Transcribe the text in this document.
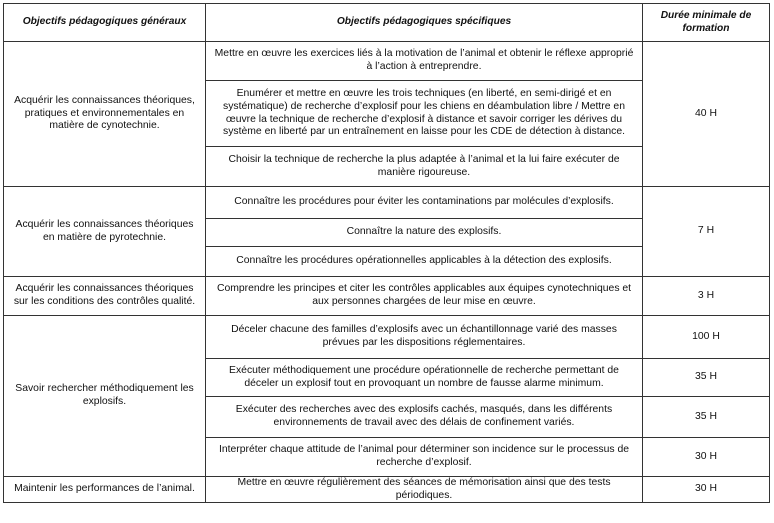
Objectifs pédagogiques généraux	Objectifs pédagogiques spécifiques	Durée minimale de formation
Acquérir les connaissances théoriques, pratiques et environnementales en matière de cynotechnie.	Mettre en œuvre les exercices liés à la motivation de l’animal et obtenir le réflexe approprié à l’action à entreprendre.	40 H
	Enumérer et mettre en œuvre les trois techniques (en liberté, en semi-dirigé et en systématique) de recherche d’explosif pour les chiens en déambulation libre / Mettre en œuvre la technique de recherche d’explosif à distance et savoir corriger les dérives du système en liberté par un entraînement en laisse pour les CDE de détection à distance.	
	Choisir la technique de recherche la plus adaptée à l’animal et la lui faire exécuter de manière rigoureuse.	
Acquérir les connaissances théoriques en matière de pyrotechnie.	Connaître les procédures pour éviter les contaminations par molécules d’explosifs.	7 H
	Connaître la nature des explosifs.	
	Connaître les procédures opérationnelles applicables à la détection des explosifs.	
Acquérir les connaissances théoriques sur les conditions des contrôles qualité.	Comprendre les principes et citer les contrôles applicables aux équipes cynotechniques et aux personnes chargées de leur mise en œuvre.	3 H
Savoir rechercher méthodiquement les explosifs.	Déceler chacune des familles d’explosifs avec un échantillonnage varié des masses prévues par les dispositions réglementaires.	100 H
	Exécuter méthodiquement une procédure opérationnelle de recherche permettant de déceler un explosif tout en provoquant un nombre de fausse alarme minimum.	35 H
	Exécuter des recherches avec des explosifs cachés, masqués, dans les différents environnements de travail avec des délais de confinement variés.	35 H
	Interpréter chaque attitude de l’animal pour déterminer son incidence sur le processus de recherche d’explosif.	30 H
Maintenir les performances de l’animal.	Mettre en œuvre régulièrement des séances de mémorisation ainsi que des tests périodiques.	30 H
